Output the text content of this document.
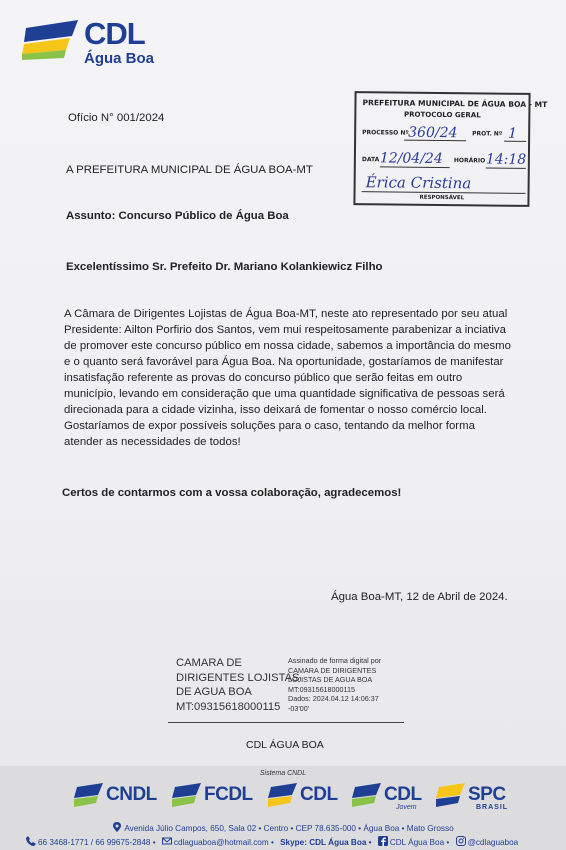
CDL
Água Boa
PREFEITURA MUNICIPAL DE ÁGUA BOA - MT
PROTOCOLO GERAL
PROCESSO Nº 360/24 PROT. Nº 1
DATA 12/04/24 HORÁRIO 14:18
Érica Cristina
RESPONSÁVEL
Ofício N° 001/2024
A PREFEITURA MUNICIPAL DE ÁGUA BOA-MT
Assunto: Concurso Público de Água Boa
Excelentíssimo Sr. Prefeito Dr. Mariano Kolankiewicz Filho

A Câmara de Dirigentes Lojistas de Água Boa-MT, neste ato representado por seu atual

Presidente: Ailton Porfirio dos Santos, vem mui respeitosamente parabenizar a inciativa

de promover este concurso público em nossa cidade, sabemos a importância do mesmo

e o quanto será favorável para Água Boa. Na oportunidade, gostaríamos de manifestar

insatisfação referente as provas do concurso público que serão feitas em outro

município, levando em consideração que uma quantidade significativa de pessoas será

direcionada para a cidade vizinha, isso deixará de fomentar o nosso comércio local.

Gostaríamos de expor possíveis soluções para o caso, tentando da melhor forma

atender as necessidades de todos!

Certos de contarmos com a vossa colaboração, agradecemos!
Água Boa-MT, 12 de Abril de 2024.
CAMARA DE
DIRIGENTES LOJISTAS
DE AGUA BOA
MT:09315618000115
Assinado de forma digital por
CAMARA DE DIRIGENTES
LOJISTAS DE AGUA BOA
MT:09315618000115
Dados: 2024.04.12 14:06:37
-03'00'
CDL ÁGUA BOA
Sistema CNDL
CNDL FCDL CDL CDL
Jovem
SPC
BRASIL
Avenida Júlio Campos, 650, Sala 02 • Centro • CEP 78.635-000 • Água Boa • Mato Grosso
66 3468-1771 / 66 99675-2848 • cdlaguaboa@hotmail.com • Skype: CDL Água Boa • CDL Água Boa • @cdlaguaboa
